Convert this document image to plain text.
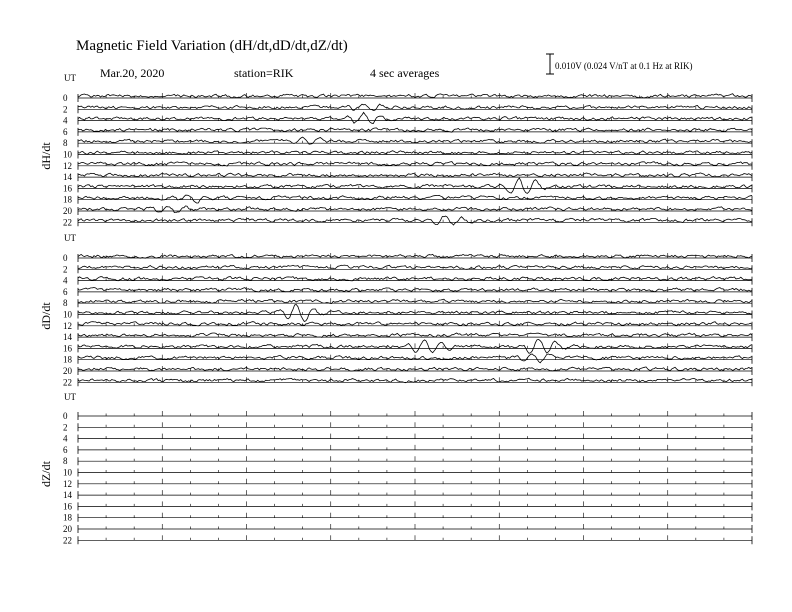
Magnetic Field Variation (dH/dt,dD/dt,dZ/dt)
Mar.20, 2020	station=RIK	4 sec averages	0.010V (0.024 V/nT at 0.1 Hz at RIK)
UT
dH/dt
0
2
4
6
8
10
12
14
16
18
20
22
UT
dD/dt
0
2
4
6
8
10
12
14
16
18
20
22
UT
dZ/dt
0
2
4
6
8
10
12
14
16
18
20
22
